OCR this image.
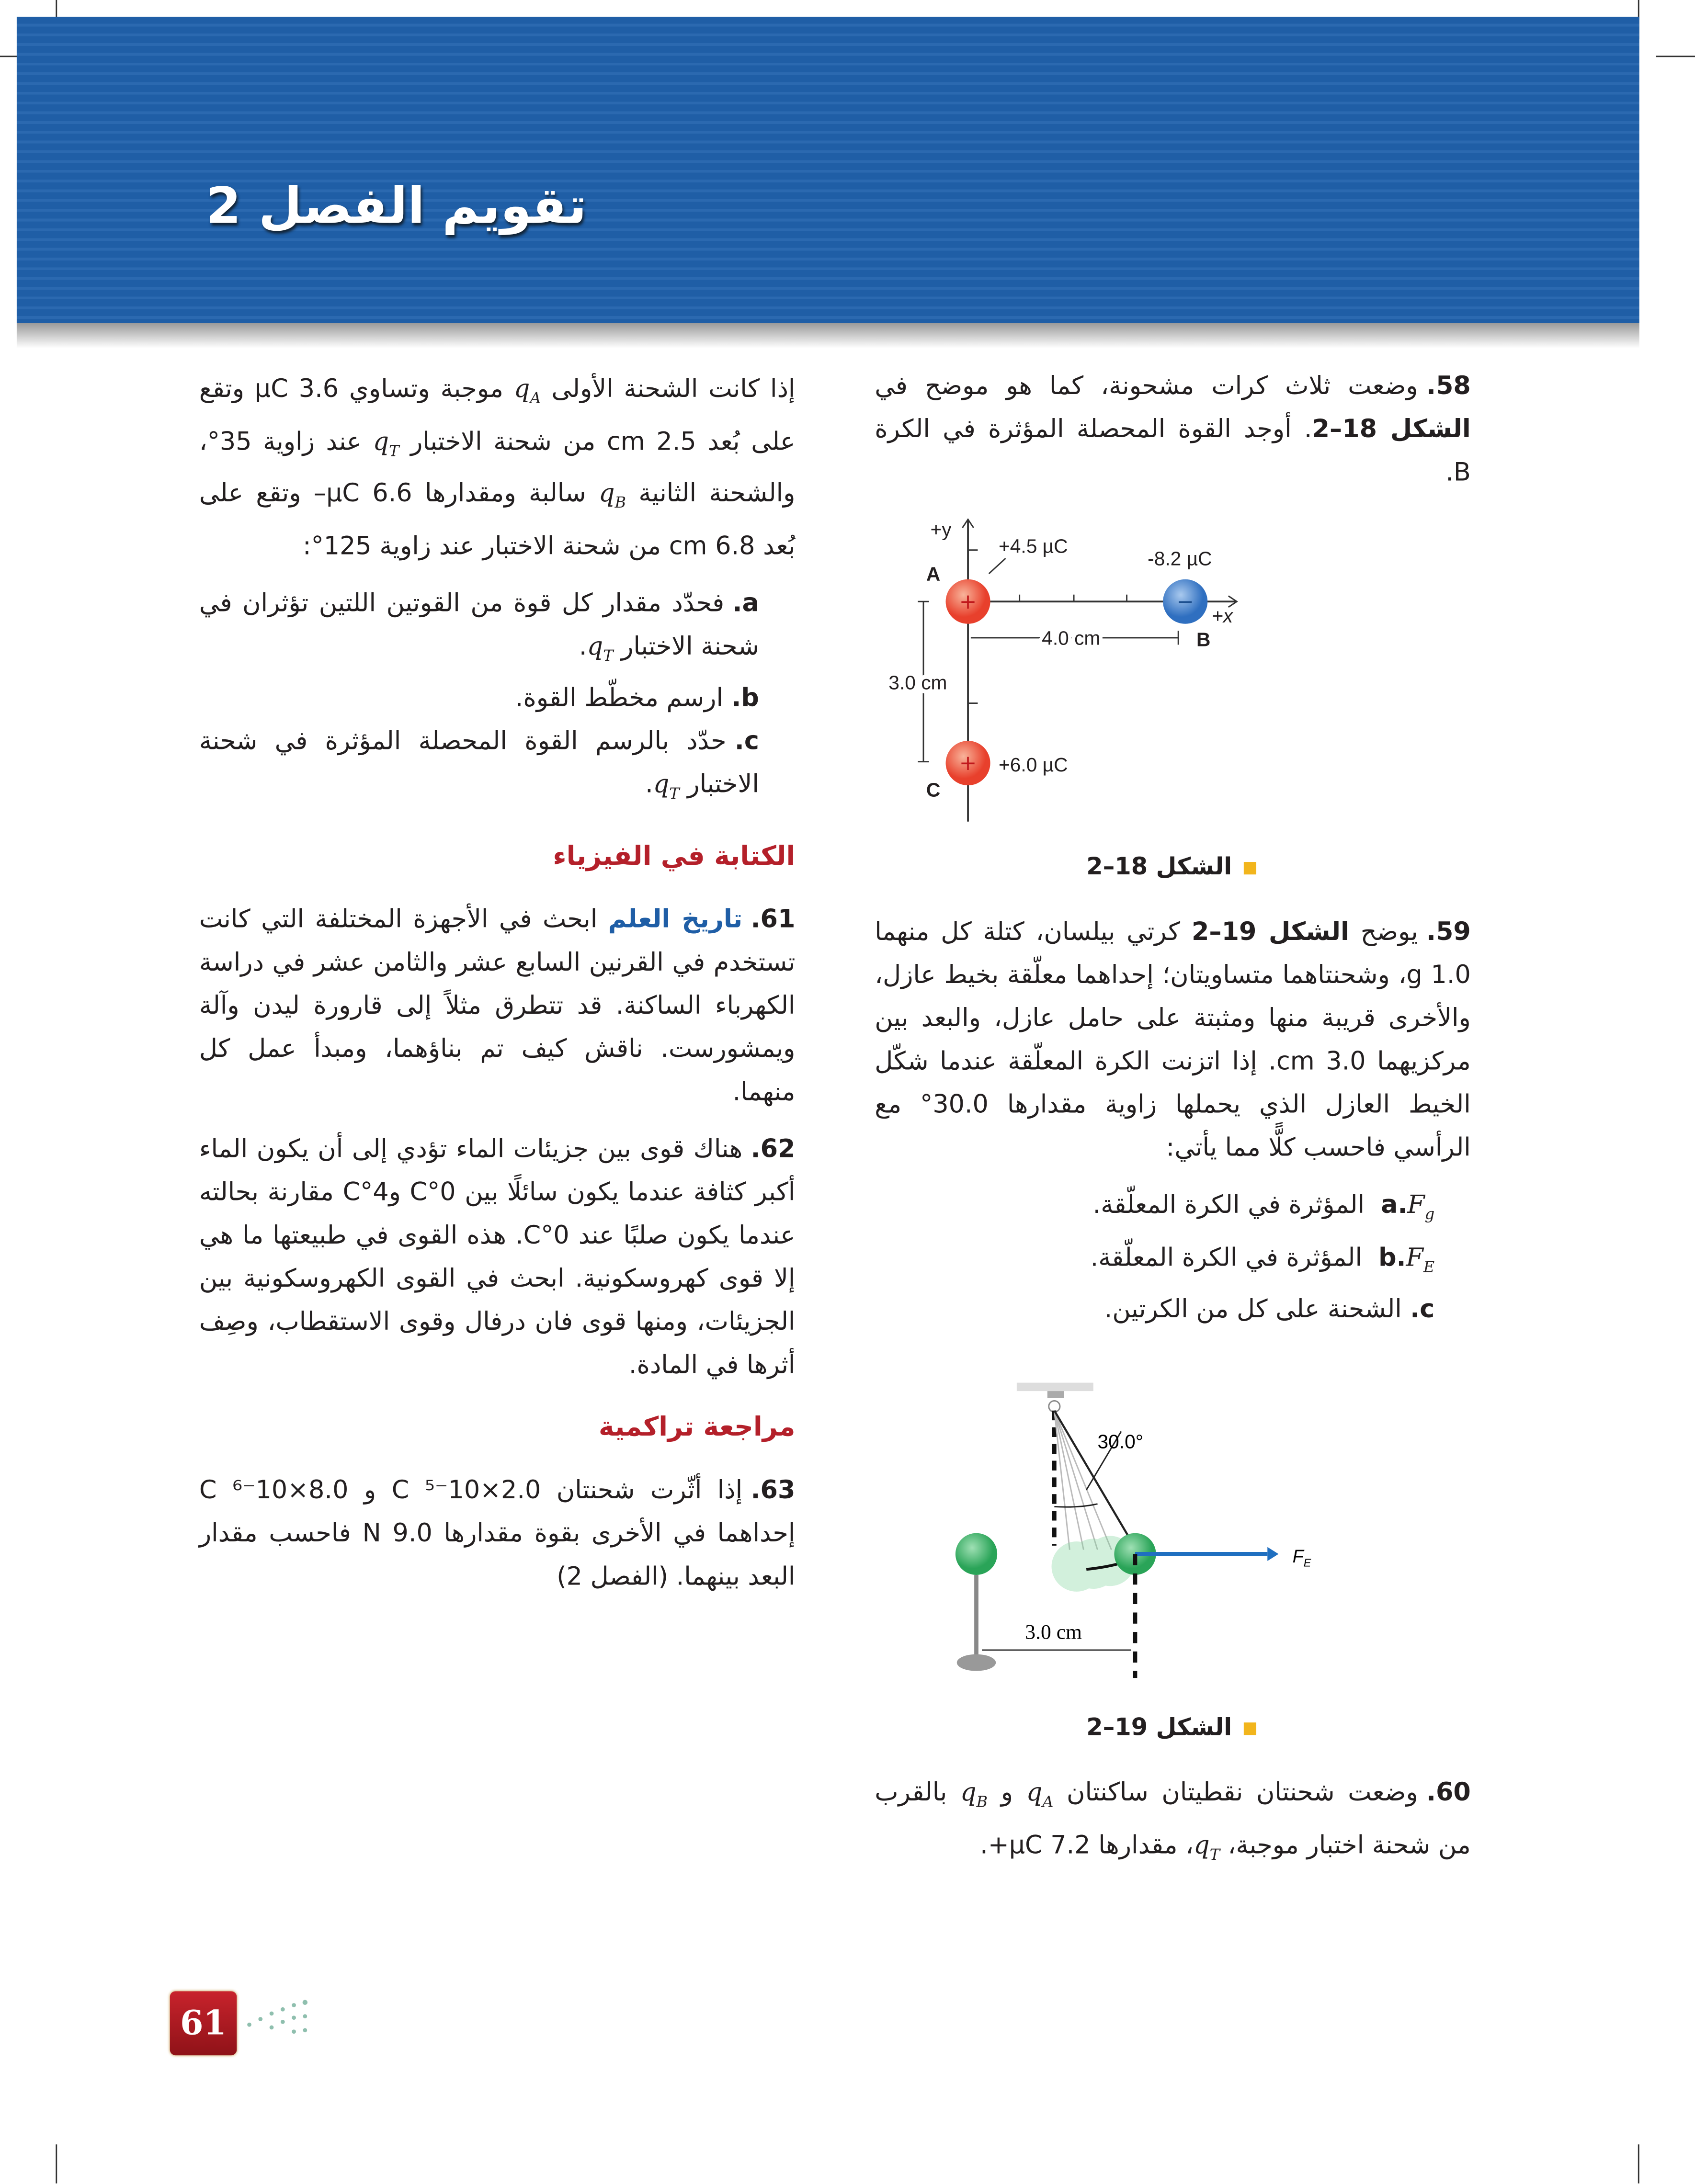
تقويم الفصل 2
58.وضعت ثلاث كرات مشحونة، كما هو موضح في الشكل 18–2. أوجد القوة المحصلة المؤثرة في الكرة B.
+	−
+
+y
+x
A
B
C
+4.5 µC
-8.2 µC
+6.0 µC
4.0 cm
3.0 cm
الشكل 18–2
59.يوضح الشكل 19–2 كرتي بيلسان، كتلة كل منهما 1.0 g، وشحنتاهما متساويتان؛ إحداهما معلّقة بخيط عازل، والأخرى قريبة منها ومثبتة على حامل عازل، والبعد بين مركزيهما 3.0 cm. إذا اتزنت الكرة المعلّقة عندما شكّل الخيط العازل الذي يحملها زاوية مقدارها 30.0° مع الرأسي فاحسب كلًّا مما يأتي:
$a.F_g$ المؤثرة في الكرة المعلّقة.
$b.F_E$ المؤثرة في الكرة المعلّقة.
c.الشحنة على كل من الكرتين.
30.0°
3.0 cm
$F_E$
الشكل 19–2
60.وضعت شحنتان نقطيتان ساكنتان $q_A$ و $q_B$ بالقرب من شحنة اختبار موجبة، $q_T،$ مقدارها 7.2 µC+.
إذا كانت الشحنة الأولى $q_A$ موجبة وتساوي 3.6 µC وتقع على بُعد 2.5 cm من شحنة الاختبار $q_T$ عند زاوية 35°، والشحنة الثانية $q_B$ سالبة ومقدارها 6.6 µC– وتقع على بُعد 6.8 cm من شحنة الاختبار عند زاوية 125°:
a.فحدّد مقدار كل قوة من القوتين اللتين تؤثران في شحنة الاختبار $q_T$.
b.ارسم مخطّط القوة.
c.حدّد بالرسم القوة المحصلة المؤثرة في شحنة الاختبار $q_T$.
الكتابة في الفيزياء
61.تاريخ العلم ابحث في الأجهزة المختلفة التي كانت تستخدم في القرنين السابع عشر والثامن عشر في دراسة الكهرباء الساكنة. قد تتطرق مثلاً إلى قارورة ليدن وآلة ويمشورست. ناقش كيف تم بناؤهما، ومبدأ عمل كل منهما.
62.هناك قوى بين جزيئات الماء تؤدي إلى أن يكون الماء أكبر كثافة عندما يكون سائلًا بين 0°C و4°C مقارنة بحالته عندما يكون صلبًا عند 0°C. هذه القوى في طبيعتها ما هي إلا قوى كهروسكونية. ابحث في القوى الكهروسكونية بين الجزيئات، ومنها قوى فان درفال وقوى الاستقطاب، وصِف أثرها في المادة.
مراجعة تراكمية
63.إذا أثّرت شحنتان 2.0×10⁻⁵ C و 8.0×10⁻⁶ C إحداهما في الأخرى بقوة مقدارها 9.0 N فاحسب مقدار البعد بينهما. (الفصل 2)
61
